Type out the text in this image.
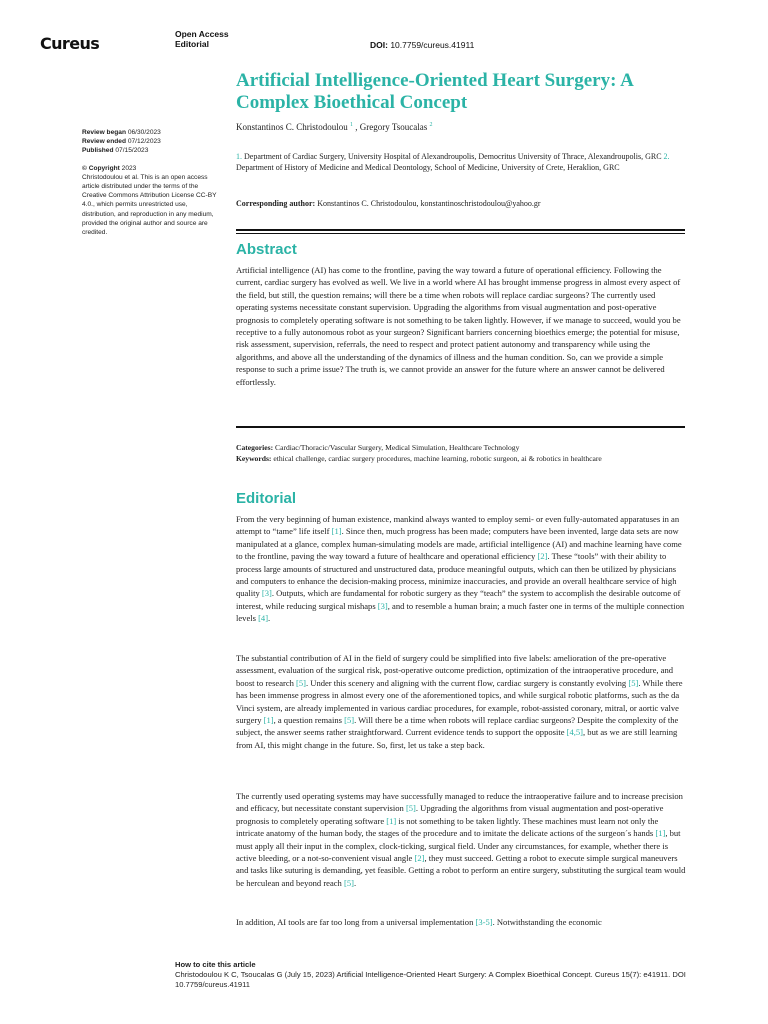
Cureus	Open Access
Editorial	DOI: 10.7759/cureus.41911
Artificial Intelligence-Oriented Heart Surgery: A Complex Bioethical Concept
Konstantinos C. Christodoulou $^1$ , Gregory Tsoucalas $^2$
1. Department of Cardiac Surgery, University Hospital of Alexandroupolis, Democritus University of Thrace, Alexandroupolis, GRC 2. Department of History of Medicine and Medical Deontology, School of Medicine, University of Crete, Heraklion, GRC
Corresponding author: Konstantinos C. Christodoulou, konstantinoschristodoulou@yahoo.gr
Abstract

Artificial intelligence (AI) has come to the frontline, paving the way toward a future of operational efficiency. Following the current, cardiac surgery has evolved as well. We live in a world where AI has brought immense progress in almost every aspect of the field, but still, the question remains; will there be a time when robots will replace cardiac surgeons? The currently used operating systems necessitate constant supervision. Upgrading the algorithms from visual augmentation and post-operative prognosis to completely operating software is not something to be taken lightly. However, if we manage to succeed, would you be receptive to a fully autonomous robot as your surgeon? Significant barriers concerning bioethics emerge; the potential for misuse, risk assessment, supervision, referrals, the need to respect and protect patient autonomy and transparency while using the algorithms, and above all the understanding of the dynamics of illness and the human condition. So, can we provide a simple response to such a prime issue? The truth is, we cannot provide an answer for the future where an answer cannot be delivered effortlessly.

Categories: Cardiac/Thoracic/Vascular Surgery, Medical Simulation, Healthcare Technology
Keywords: ethical challenge, cardiac surgery procedures, machine learning, robotic surgeon, ai & robotics in healthcare
Editorial

From the very beginning of human existence, mankind always wanted to employ semi- or even fully-automated apparatuses in an attempt to “tame” life itself [1]. Since then, much progress has been made; computers have been invented, large data sets are now manipulated at a glance, complex human-simulating models are made, artificial intelligence (AI) and machine learning have come to the frontline, paving the way toward a future of healthcare and operational efficiency [2]. These “tools” with their ability to process large amounts of structured and unstructured data, produce meaningful outputs, which can then be utilized by physicians and computers to enhance the decision-making process, minimize inaccuracies, and provide an overall healthcare service of high quality [3]. Outputs, which are fundamental for robotic surgery as they “teach” the system to accomplish the desirable outcome of interest, while reducing surgical mishaps [3], and to resemble a human brain; a much faster one in terms of the multiple connection levels [4].

The substantial contribution of AI in the field of surgery could be simplified into five labels: amelioration of the pre-operative assessment, evaluation of the surgical risk, post-operative outcome prediction, optimization of the intraoperative procedure, and boost to research [5]. Under this scenery and aligning with the current flow, cardiac surgery is constantly evolving [5]. While there has been immense progress in almost every one of the aforementioned topics, and while surgical robotic platforms, such as the da Vinci system, are already implemented in various cardiac procedures, for example, robot-assisted coronary, mitral, or aortic valve surgery [1], a question remains [5]. Will there be a time when robots will replace cardiac surgeons? Despite the complexity of the subject, the answer seems rather straightforward. Current evidence tends to support the opposite [4,5], but as we are still learning from AI, this might change in the future. So, first, let us take a step back.

The currently used operating systems may have successfully managed to reduce the intraoperative failure and to increase precision and efficacy, but necessitate constant supervision [5]. Upgrading the algorithms from visual augmentation and post-operative prognosis to completely operating software [1] is not something to be taken lightly. These machines must learn not only the intricate anatomy of the human body, the stages of the procedure and to imitate the delicate actions of the surgeon´s hands [1], but must apply all their input in the complex, clock-ticking, surgical field. Under any circumstances, for example, whether there is active bleeding, or a not-so-convenient visual angle [2], they must succeed. Getting a robot to execute simple surgical maneuvers and tasks like suturing is demanding, yet feasible. Getting a robot to perform an entire surgery, substituting the surgical team would be herculean and beyond reach [5].

In addition, AI tools are far too long from a universal implementation [3-5]. Notwithstanding the economic

Review began 06/30/2023
Review ended 07/12/2023
Published 07/15/2023
© Copyright 2023
Christodoulou et al. This is an open access article distributed under the terms of the Creative Commons Attribution License CC-BY 4.0., which permits unrestricted use, distribution, and reproduction in any medium, provided the original author and source are credited.
How to cite this article
Christodoulou K C, Tsoucalas G (July 15, 2023) Artificial Intelligence-Oriented Heart Surgery: A Complex Bioethical Concept. Cureus 15(7): e41911. DOI 10.7759/cureus.41911
